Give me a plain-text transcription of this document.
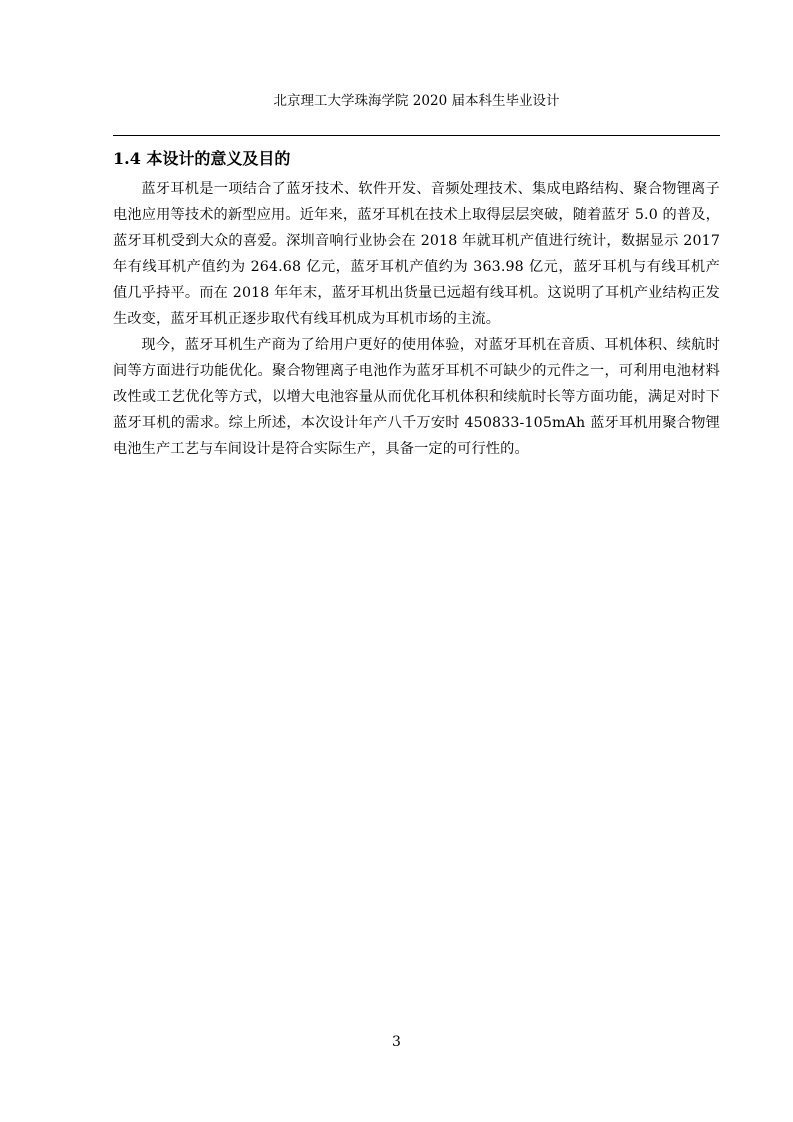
北京理工大学珠海学院 2020 届本科生毕业设计
1.4 本设计的意义及目的

蓝牙耳机是一项结合了蓝牙技术、软件开发、音频处理技术、集成电路结构、聚合物锂离子电池应用等技术的新型应用。近年来，蓝牙耳机在技术上取得层层突破，随着蓝牙 5.0 的普及，蓝牙耳机受到大众的喜爱。深圳音响行业协会在 2018 年就耳机产值进行统计，数据显示 2017 年有线耳机产值约为 264.68 亿元，蓝牙耳机产值约为 363.98 亿元，蓝牙耳机与有线耳机产值几乎持平。而在 2018 年年末，蓝牙耳机出货量已远超有线耳机。这说明了耳机产业结构正发生改变，蓝牙耳机正逐步取代有线耳机成为耳机市场的主流。

现今，蓝牙耳机生产商为了给用户更好的使用体验，对蓝牙耳机在音质、耳机体积、续航时间等方面进行功能优化。聚合物锂离子电池作为蓝牙耳机不可缺少的元件之一，可利用电池材料改性或工艺优化等方式，以增大电池容量从而优化耳机体积和续航时长等方面功能，满足对时下蓝牙耳机的需求。综上所述，本次设计年产八千万安时 450833-105mAh 蓝牙耳机用聚合物锂电池生产工艺与车间设计是符合实际生产，具备一定的可行性的。

3
